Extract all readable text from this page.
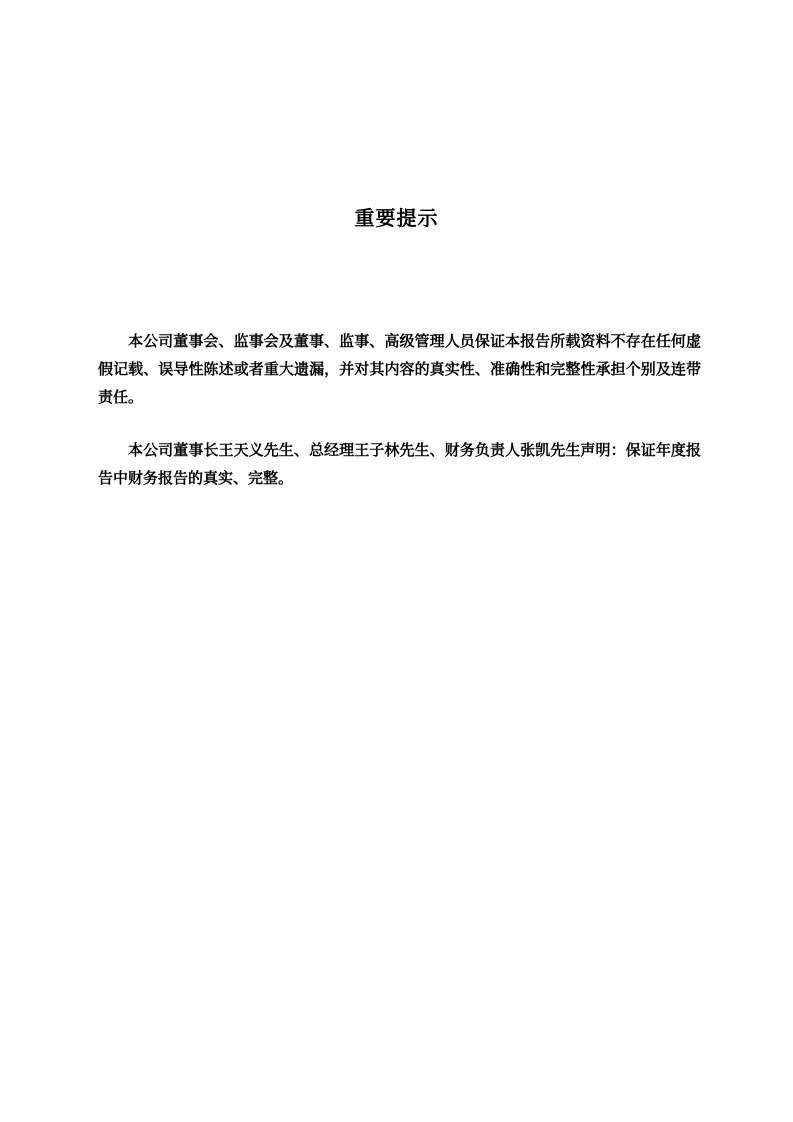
重要提示

本公司董事会、监事会及董事、监事、高级管理人员保证本报告所载资料不存在任何虚假记载、误导性陈述或者重大遗漏，并对其内容的真实性、准确性和完整性承担个别及连带责任。

本公司董事长王天义先生、总经理王子林先生、财务负责人张凯先生声明：保证年度报告中财务报告的真实、完整。
